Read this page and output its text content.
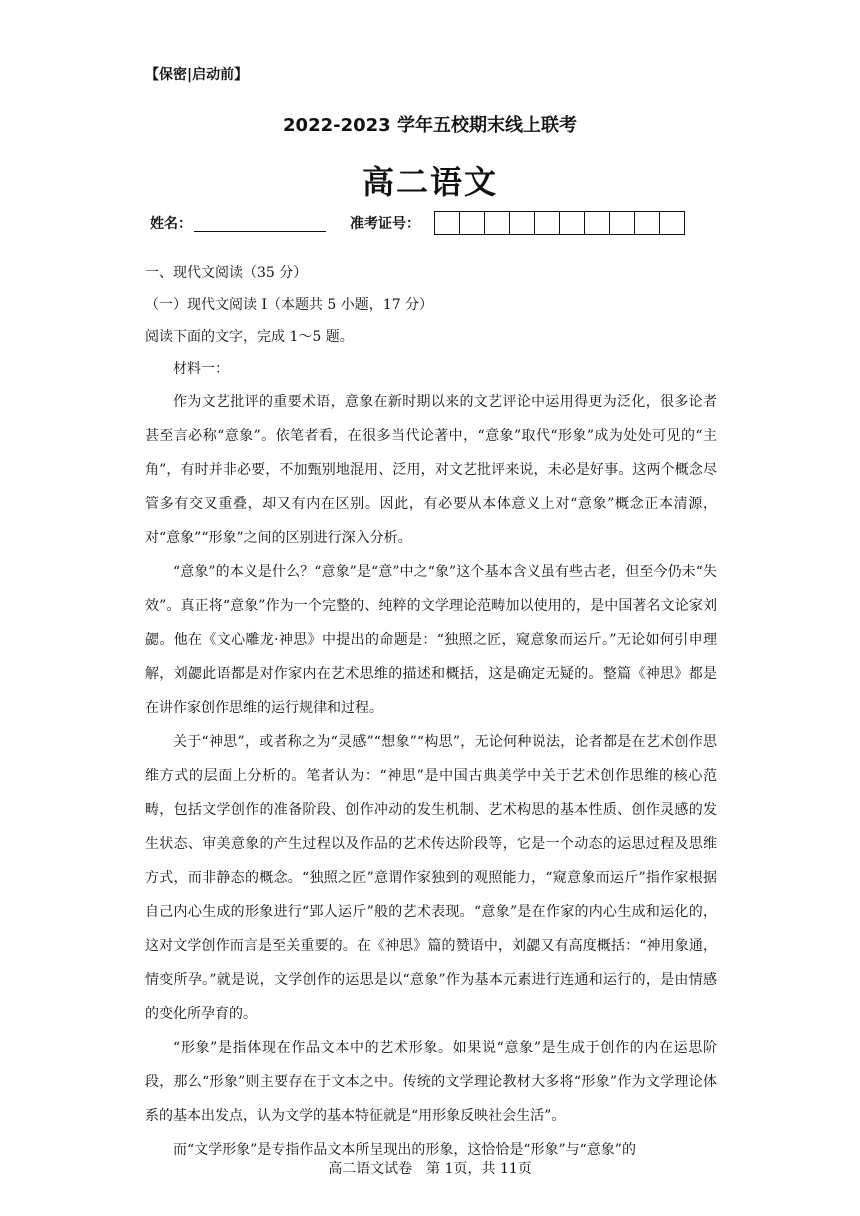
【保密|启动前】
2022-2023 学年五校期末线上联考
高二语文
姓名：	准考证号：
一、现代文阅读（35 分）
（一）现代文阅读 I（本题共 5 小题，17 分）
阅读下面的文字，完成 1～5 题。
材料一：

作为文艺批评的重要术语，意象在新时期以来的文艺评论中运用得更为泛化，很多论者甚至言必称“意象”。依笔者看，在很多当代论著中，“意象”取代“形象”成为处处可见的“主角”，有时并非必要，不加甄别地混用、泛用，对文艺批评来说，未必是好事。这两个概念尽管多有交叉重叠，却又有内在区别。因此，有必要从本体意义上对“意象”概念正本清源，对“意象”“形象”之间的区别进行深入分析。

“意象”的本义是什么？“意象”是“意”中之“象”这个基本含义虽有些古老，但至今仍未“失效”。真正将“意象”作为一个完整的、纯粹的文学理论范畴加以使用的，是中国著名文论家刘勰。他在《文心雕龙·神思》中提出的命题是：“独照之匠，窥意象而运斤。”无论如何引申理解，刘勰此语都是对作家内在艺术思维的描述和概括，这是确定无疑的。整篇《神思》都是在讲作家创作思维的运行规律和过程。

关于“神思”，或者称之为“灵感”“想象”“构思”，无论何种说法，论者都是在艺术创作思维方式的层面上分析的。笔者认为：“神思”是中国古典美学中关于艺术创作思维的核心范畴，包括文学创作的准备阶段、创作冲动的发生机制、艺术构思的基本性质、创作灵感的发生状态、审美意象的产生过程以及作品的艺术传达阶段等，它是一个动态的运思过程及思维方式，而非静态的概念。“独照之匠”意谓作家独到的观照能力，“窥意象而运斤”指作家根据自己内心生成的形象进行“郢人运斤”般的艺术表现。“意象”是在作家的内心生成和运化的，这对文学创作而言是至关重要的。在《神思》篇的赞语中，刘勰又有高度概括：“神用象通，情变所孕。”就是说，文学创作的运思是以“意象”作为基本元素进行连通和运行的，是由情感的变化所孕育的。

“形象”是指体现在作品文本中的艺术形象。如果说“意象”是生成于创作的内在运思阶段，那么“形象”则主要存在于文本之中。传统的文学理论教材大多将“形象”作为文学理论体系的基本出发点，认为文学的基本特征就是“用形象反映社会生活”。

而“文学形象”是专指作品文本所呈现出的形象，这恰恰是“形象”与“意象”的

高二语文试卷　第 1页，共 11页
